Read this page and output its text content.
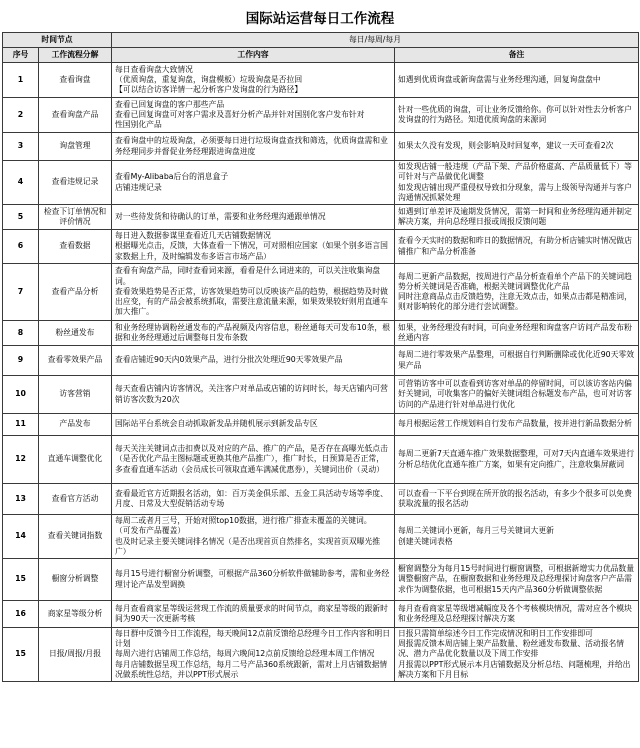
国际站运营每日工作流程
时间节点		每日/每周/每月	
序号	工作流程分解	工作内容	备注
1	查看询盘	每日查看询盘大致情况
（优质询盘，重复询盘，询盘模板）垃圾询盘是否拉回
【可以结合访客详情一起分析客户发询盘的行为路径】	如遇到优质询盘或新询盘需与业务经理沟通，回复询盘盘中

2	查看询盘产品	查看已回复询盘的客户那些产品
查看已回复询盘可对客户需求及喜好分析产品并针对国别化客户发布针对
性国别化产品	针对一些优质的询盘，可让业务反馈给你。你可以针对性去分析客户发询盘的行为路径。知道优质询盘的来源词

3	询盘管理	查看询盘中的垃圾询盘，必须要每日进行垃圾询盘查找和筛选，优质询盘需和业务经理同步并督促业务经理跟进询盘进度	如果太久没有发现，则会影响及时回复率，建议一天可查看2次

4	查看违规记录	查看My-Alibaba后台的消息盒子
店铺违规记录	如发现店铺一般违规（产品下架、产品价格虚高、产品质量低下）等可针对与产品做优化调整
如发现店铺出现严重侵权导致扣分现象，需与上级领导沟通并与客户沟通情况抓紧处理

5	检查下订单情况和评价情况	对一些待发货和待确认的订单，需要和业务经理沟通跟单情况	如遇到订单差评及逾期发货情况，需第一时间和业务经理沟通并制定解决方案，并向总经理日报或周报反馈问题

6	查看数据	每日进入数据参谋里查看近几天店铺数据情况
根据曝光点击，反馈，大体查看一下情况，可对照相应国家（如果个别多语言国家数据上升，及时编辑发布多语言市场产品）	查看今天实时的数据和昨日的数据情况，有助分析店铺实时情况做店铺推广和产品分析准备

7	查看产品分析	查看有询盘产品，同时查看词来源，看看是什么词进来的，可以关注收集询盘词。
查看效果趋势是否正常，访客效果趋势可以反映该产品的趋势，根据趋势及时做出应变，有的产品会被系统抓取，需要注意流量来源，如果效果较好则用直通车加大推广。	每周二更新产品数据，按周进行产品分析查看单个产品下的关键词趋势分析关键词是否准确，根据关键词调整优化产品
同时注意商品点击反馈趋势，注意无效点击，如果点击都是精准词，则对影响转化的部分进行尝试调整。

8	粉丝通发布	和业务经理协调粉丝通发布的产品视频及内容信息，粉丝通每天可发布10条，根据和业务经理通过后调整每日发布条数	如果，业务经理没有时间，可向业务经理和询盘客户访问产品发布粉丝通内容

9	查看零效果产品	查看店铺近90天内0效果产品，进行分批次处理近90天零效果产品	每周二进行零效果产品整理，可根据自行判断删除或优化近90天零效果产品

10	访客营销	每天查看店铺内访客情况，关注客户对单品或店铺的访问时长，每天店铺内可营销访客次数为20次	可营销访客中可以查看到访客对单品的停留时间，可以该访客站内偏好关键词，可收集客户的偏好关键词组合标题发布产品，也可对访客访问的产品进行针对单品进行优化

11	产品发布	国际站平台系统会自动抓取新发品并随机展示到新发品专区	每月根据运营工作规划料自行发布产品数量，按并进行新品数据分析

12	直通车调整优化	每天关注关键词点击扣费以及对应的产品、推广的产品，是否存在高曝光低点击（是否优化产品主图标题或更换其他产品推广），推广时长，日预算是否正常，多查看直通车活动（会员成长可领取直通车满减优惠券），关键词出价（灵动）	每周二更新7天直通车推广效果数据整理，可对7天内直通车效果进行分析总结优化直通车推广方案，如果有定向推广，注意收集屏蔽词

13	查看官方活动	查看最近官方近期报名活动，如：百万美金俱乐部、五金工具活动专场等季度、月度、日常及大型促销活动专场	可以查看一下平台到现在所开放的报名活动，有多少个很多可以免费获取流量的报名活动

14	查看关键词指数	每周二或者月三号，开始对照top10数据，进行推广排查未覆盖的关键词。
（可发布产品覆盖）
也及时记录主要关键词排名情况（是否出现首页自然排名，实现首页双曝光推广）	每周二关键词小更新，每月三号关键词大更新
创建关键词表格

15	橱窗分析调整	每月15号进行橱窗分析调整，可根据产品360分析软件做辅助参考，需和业务经理讨论产品发型调换	橱窗调整分为每月15号时间进行橱窗调整，可根据新增实力优品数量调整橱窗产品，在橱窗数据和业务经理及总经理探讨询盘客户产品需求作为调整依据，也可根据15天内产品360分析做调整依据

16	商家星等级分析	每月查看商家星等级运营现工作流的质量要求的时间节点，商家星等级的跟新时间为90天一次更新考核	每月查看商家星等级增减幅度及各个考核模块情况，需对应各个模块和业务经理及总经理探讨解决方案

15	日报/周报/月报	每日群中反馈今日工作流程，每天晚间12点前反馈给总经理今日工作内容和明日计划
每周六进行店铺周工作总结，每周六晚间12点前反馈给总经理本周工作情况
每月店铺数据呈现工作总结，每月二号产品360系统跟新，需对上月店铺数据情况做系统性总结，并以PPT形式展示	日报只需简单综述今日工作完成情况和明日工作安排即可
周报需反馈本周店铺上架产品数量、粉丝通发布数量、活动报名情况、潜力产品优化数量以及下周工作安排
月报需以PPT形式展示本月店铺数据及分析总结、问题梳理，并给出解决方案和下月目标
